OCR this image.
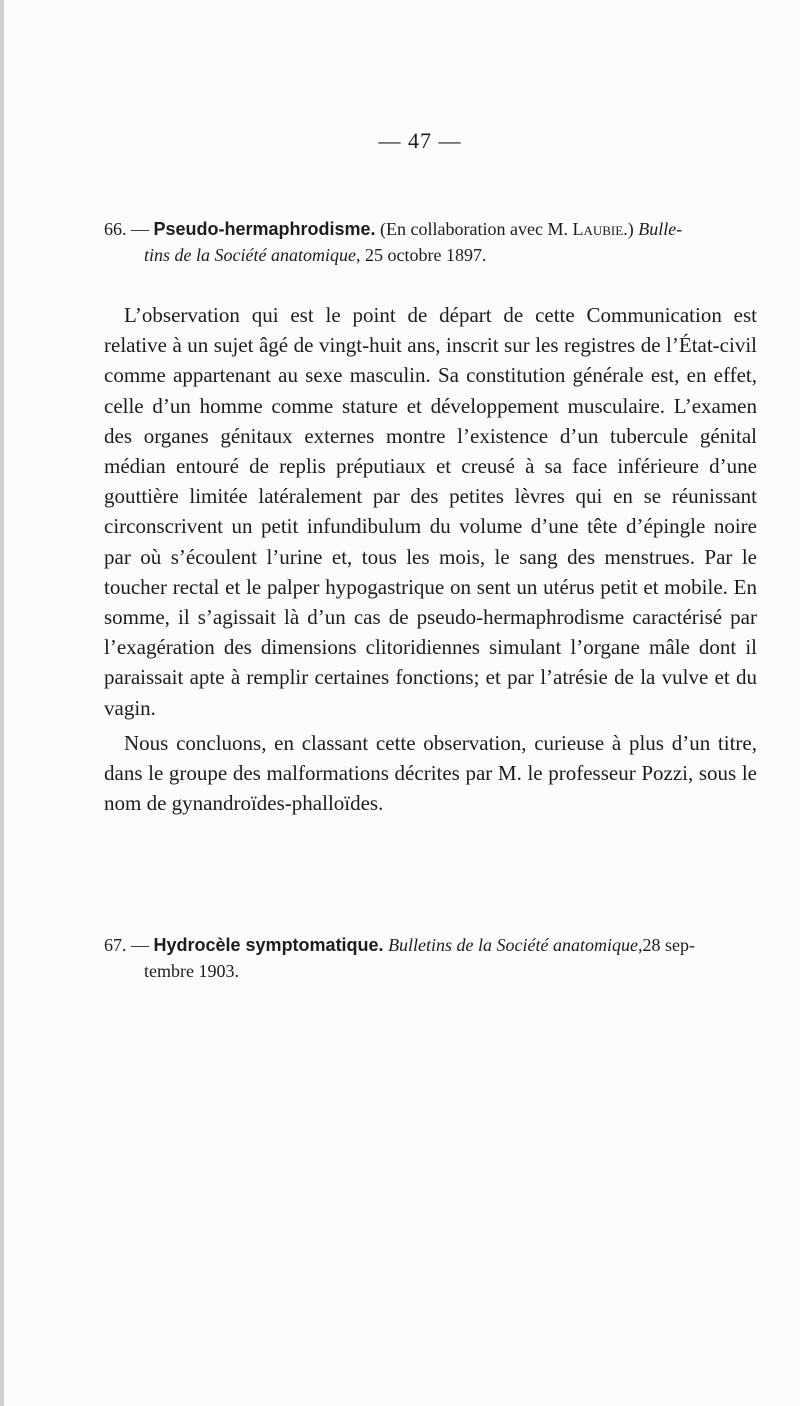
— 47 —
66. — Pseudo-hermaphrodisme. (En collaboration avec M. Laubie.) Bulle-
tins de la Société anatomique, 25 octobre 1897.

L’observation qui est le point de départ de cette Communication est relative à un sujet âgé de vingt-huit ans, inscrit sur les registres de l’État-civil comme appartenant au sexe masculin. Sa constitution générale est, en effet, celle d’un homme comme stature et développement musculaire. L’examen des organes génitaux externes montre l’existence d’un tubercule génital médian entouré de replis préputiaux et creusé à sa face inférieure d’une gouttière limitée latéralement par des petites lèvres qui en se réunissant circonscrivent un petit infundibulum du volume d’une tête d’épingle noire par où s’écoulent l’urine et, tous les mois, le sang des menstrues. Par le toucher rectal et le palper hypogastrique on sent un utérus petit et mobile. En somme, il s’agissait là d’un cas de pseudo-hermaphrodisme caractérisé par l’exagération des dimensions clitoridiennes simulant l’organe mâle dont il paraissait apte à remplir certaines fonctions; et par l’atrésie de la vulve et du vagin.

Nous concluons, en classant cette observation, curieuse à plus d’un titre, dans le groupe des malformations décrites par M. le professeur Pozzi, sous le nom de gynandroïdes-phalloïdes.

67. — Hydrocèle symptomatique. Bulletins de la Société anatomique,28 sep-
tembre 1903.
